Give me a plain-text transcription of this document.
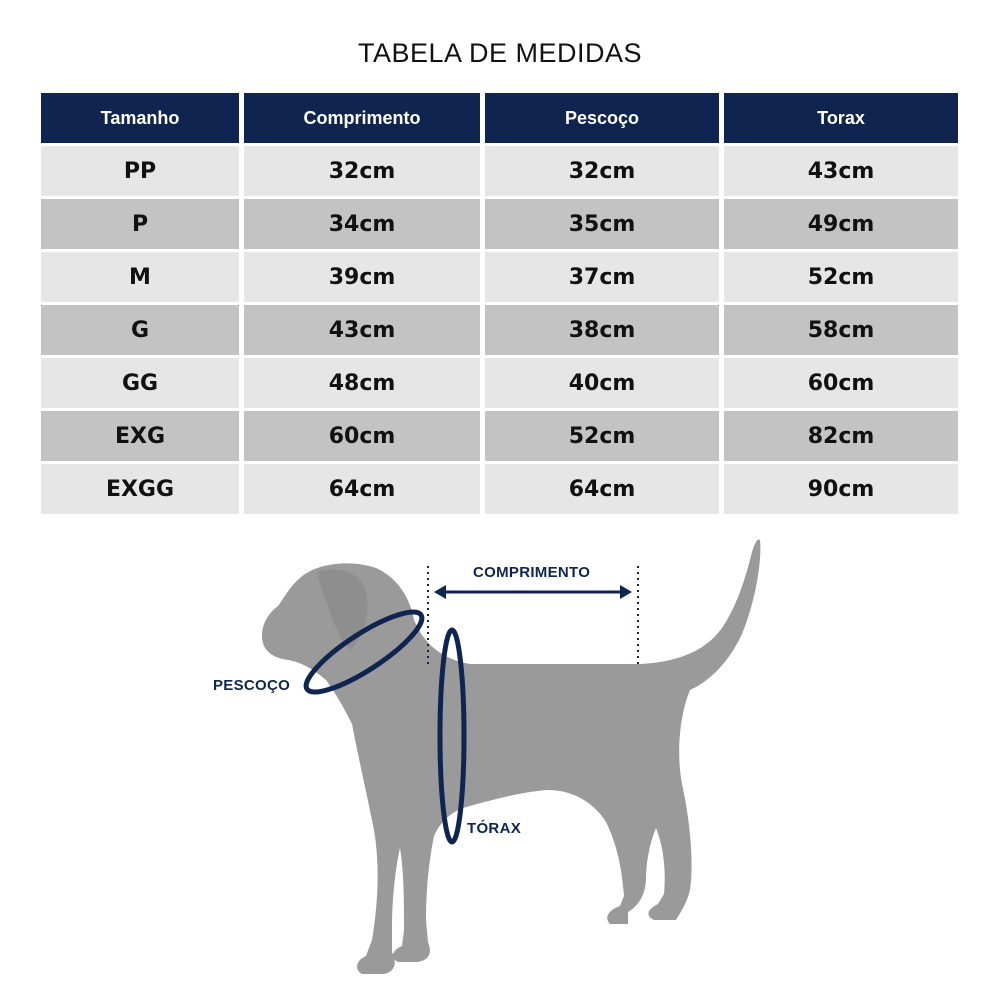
TABELA DE MEDIDAS
Tamanho	Comprimento	Pescoço	Torax
PP	32cm	32cm	43cm
P	34cm	35cm	49cm
M	39cm	37cm	52cm
G	43cm	38cm	58cm
GG	48cm	40cm	60cm
EXG	60cm	52cm	82cm
EXGG	64cm	64cm	90cm
COMPRIMENTO
PESCOÇO
TÓRAX
